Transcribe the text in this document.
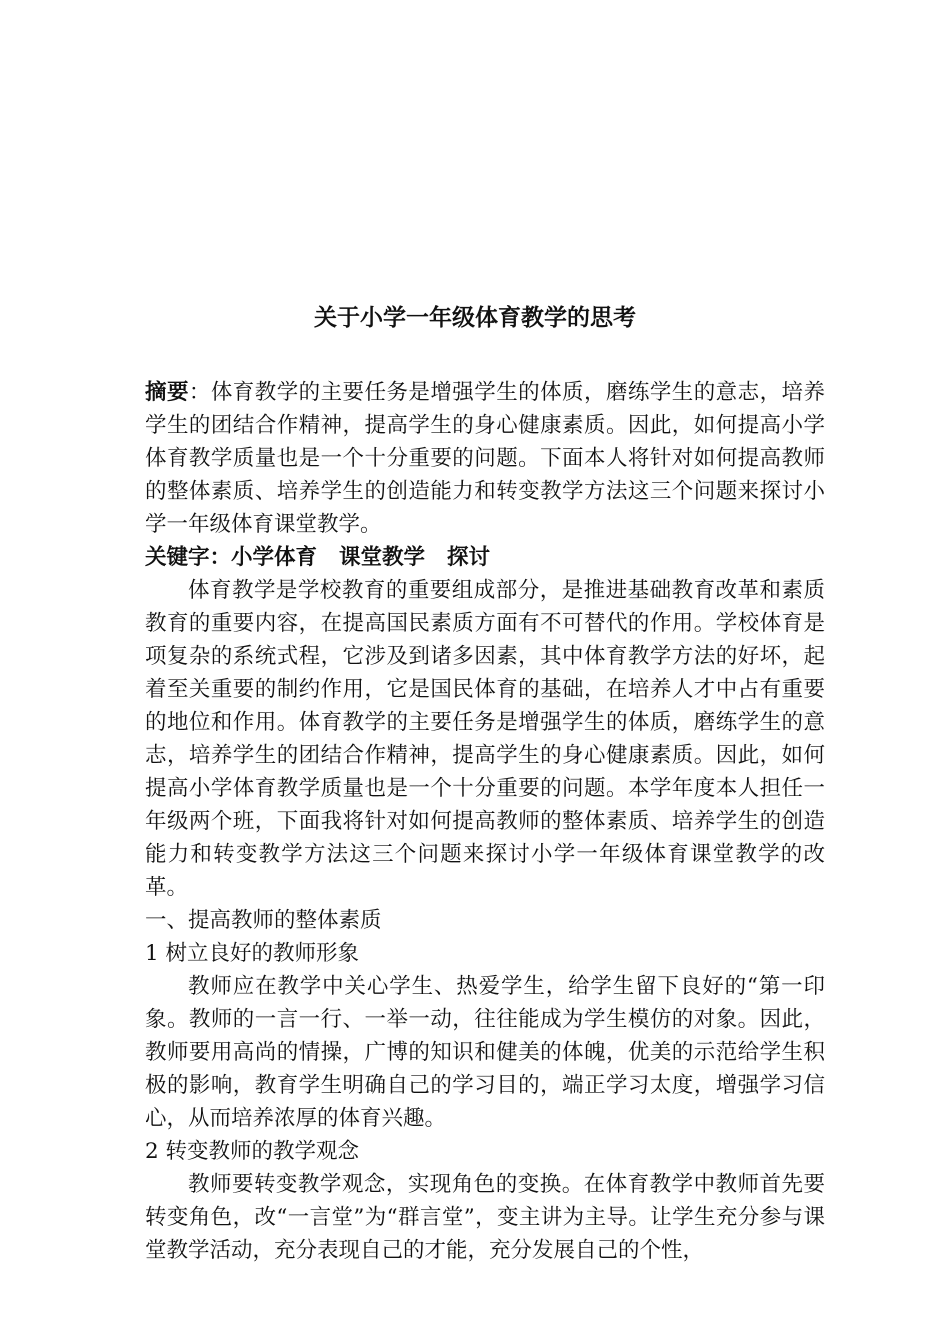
关于小学一年级体育教学的思考

摘要：体育教学的主要任务是增强学生的体质，磨练学生的意志，培养学生的团结合作精神，提高学生的身心健康素质。因此，如何提高小学体育教学质量也是一个十分重要的问题。下面本人将针对如何提高教师的整体素质、培养学生的创造能力和转变教学方法这三个问题来探讨小学一年级体育课堂教学。

关键字：小学体育 课堂教学 探讨

体育教学是学校教育的重要组成部分，是推进基础教育改革和素质教育的重要内容，在提高国民素质方面有不可替代的作用。学校体育是项复杂的系统式程，它涉及到诸多因素，其中体育教学方法的好坏，起着至关重要的制约作用，它是国民体育的基础，在培养人才中占有重要的地位和作用。体育教学的主要任务是增强学生的体质，磨练学生的意志，培养学生的团结合作精神，提高学生的身心健康素质。因此，如何提高小学体育教学质量也是一个十分重要的问题。本学年度本人担任一年级两个班，下面我将针对如何提高教师的整体素质、培养学生的创造能力和转变教学方法这三个问题来探讨小学一年级体育课堂教学的改革。

一、提高教师的整体素质

1 树立良好的教师形象

教师应在教学中关心学生、热爱学生，给学生留下良好的“第一印象。教师的一言一行、一举一动，往往能成为学生模仿的对象。因此，教师要用高尚的情操，广博的知识和健美的体魄，优美的示范给学生积极的影响，教育学生明确自己的学习目的，端正学习太度，增强学习信心，从而培养浓厚的体育兴趣。

2 转变教师的教学观念

教师要转变教学观念，实现角色的变换。在体育教学中教师首先要转变角色，改“一言堂”为“群言堂”，变主讲为主导。让学生充分参与课堂教学活动，充分表现自己的才能，充分发展自己的个性，
